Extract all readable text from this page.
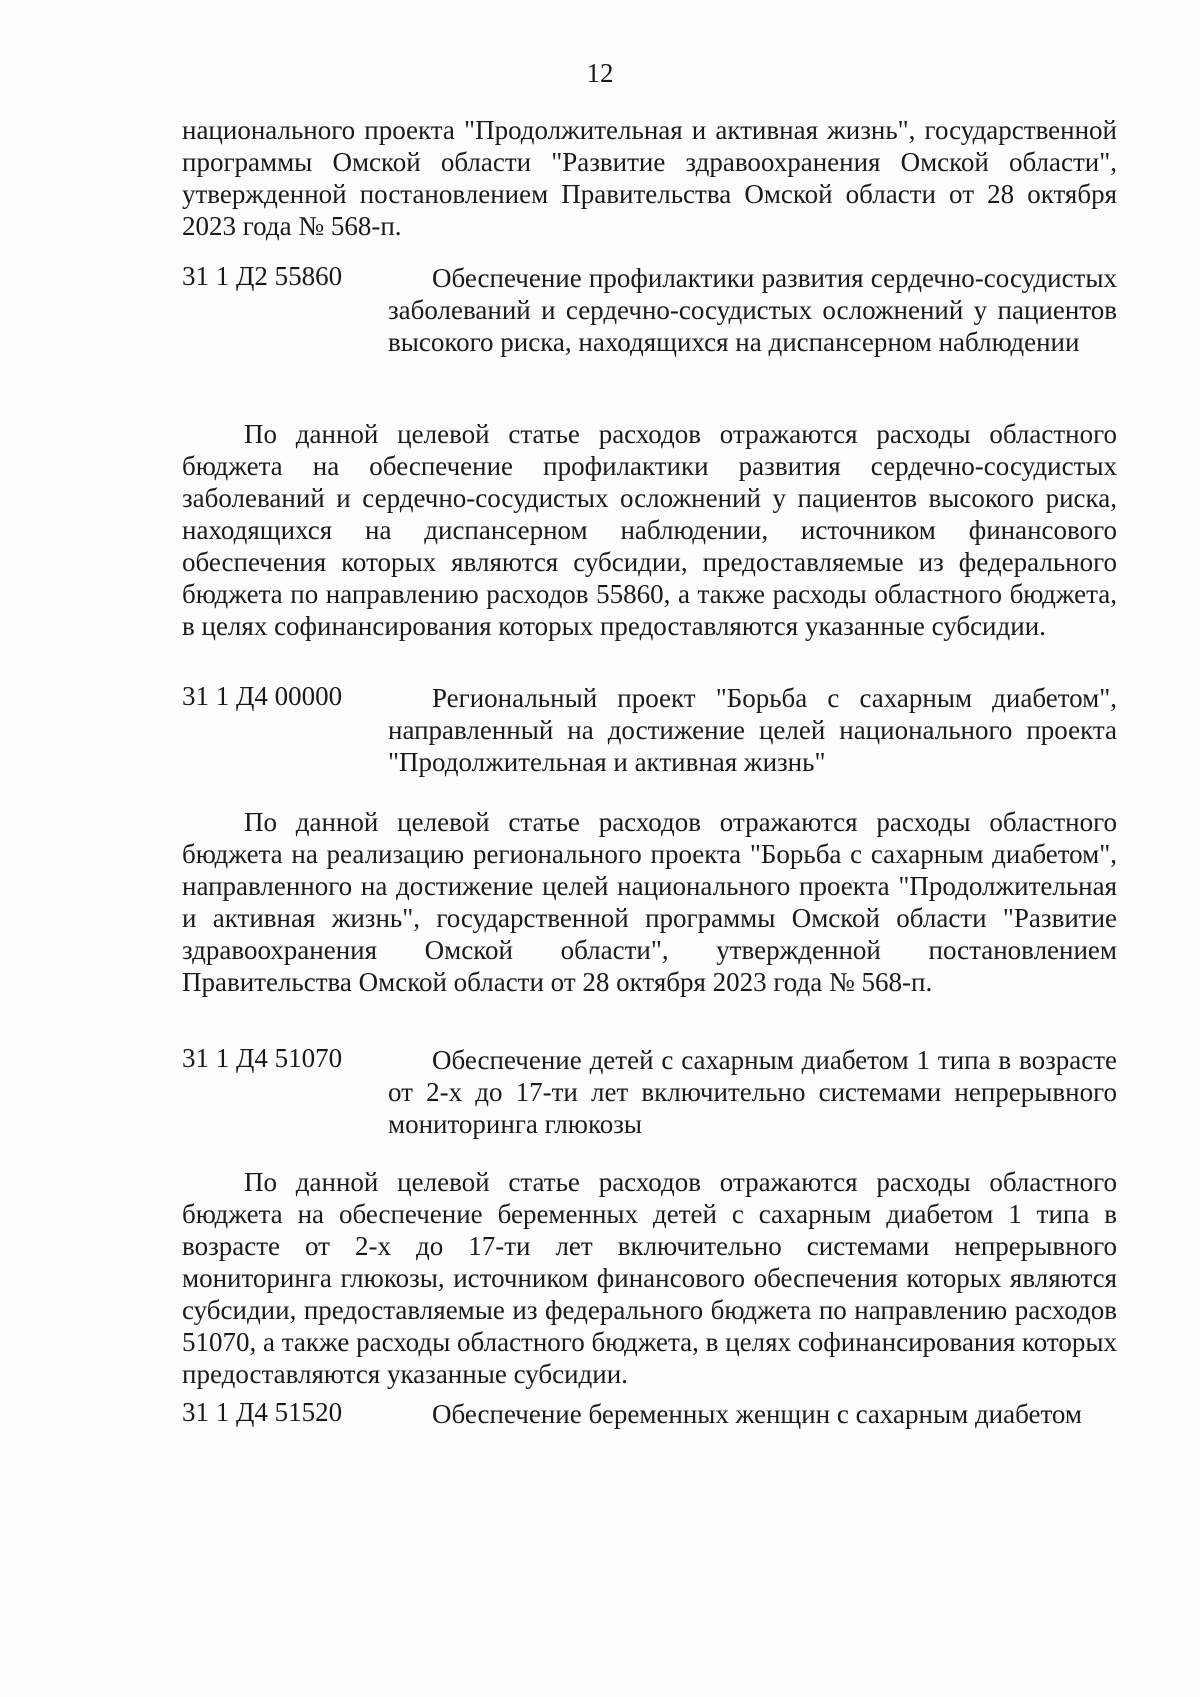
12
национального проекта "Продолжительная и активная жизнь", государственной программы Омской области "Развитие здравоохранения Омской области", утвержденной постановлением Правительства Омской области от 28 октября 2023 года № 568-п.
31 1 Д2 55860	Обеспечение профилактики развития сердечно-сосудистых заболеваний и сердечно-сосудистых осложнений у пациентов высокого риска, находящихся на диспансерном наблюдении
По данной целевой статье расходов отражаются расходы областного бюджета на обеспечение профилактики развития сердечно-сосудистых заболеваний и сердечно-сосудистых осложнений у пациентов высокого риска, находящихся на диспансерном наблюдении, источником финансового обеспечения которых являются субсидии, предоставляемые из федерального бюджета по направлению расходов 55860, а также расходы областного бюджета, в целях софинансирования которых предоставляются указанные субсидии.
31 1 Д4 00000	Региональный проект "Борьба с сахарным диабетом", направленный на достижение целей национального проекта "Продолжительная и активная жизнь"
По данной целевой статье расходов отражаются расходы областного бюджета на реализацию регионального проекта "Борьба с сахарным диабетом", направленного на достижение целей национального проекта "Продолжительная и активная жизнь", государственной программы Омской области "Развитие здравоохранения Омской области", утвержденной постановлением Правительства Омской области от 28 октября 2023 года № 568-п.
31 1 Д4 51070	Обеспечение детей с сахарным диабетом 1 типа в возрасте от 2-х до 17-ти лет включительно системами непрерывного мониторинга глюкозы
По данной целевой статье расходов отражаются расходы областного бюджета на обеспечение беременных детей с сахарным диабетом 1 типа в возрасте от 2-х до 17-ти лет включительно системами непрерывного мониторинга глюкозы, источником финансового обеспечения которых являются субсидии, предоставляемые из федерального бюджета по направлению расходов 51070, а также расходы областного бюджета, в целях софинансирования которых предоставляются указанные субсидии.
31 1 Д4 51520	Обеспечение беременных женщин с сахарным диабетом
